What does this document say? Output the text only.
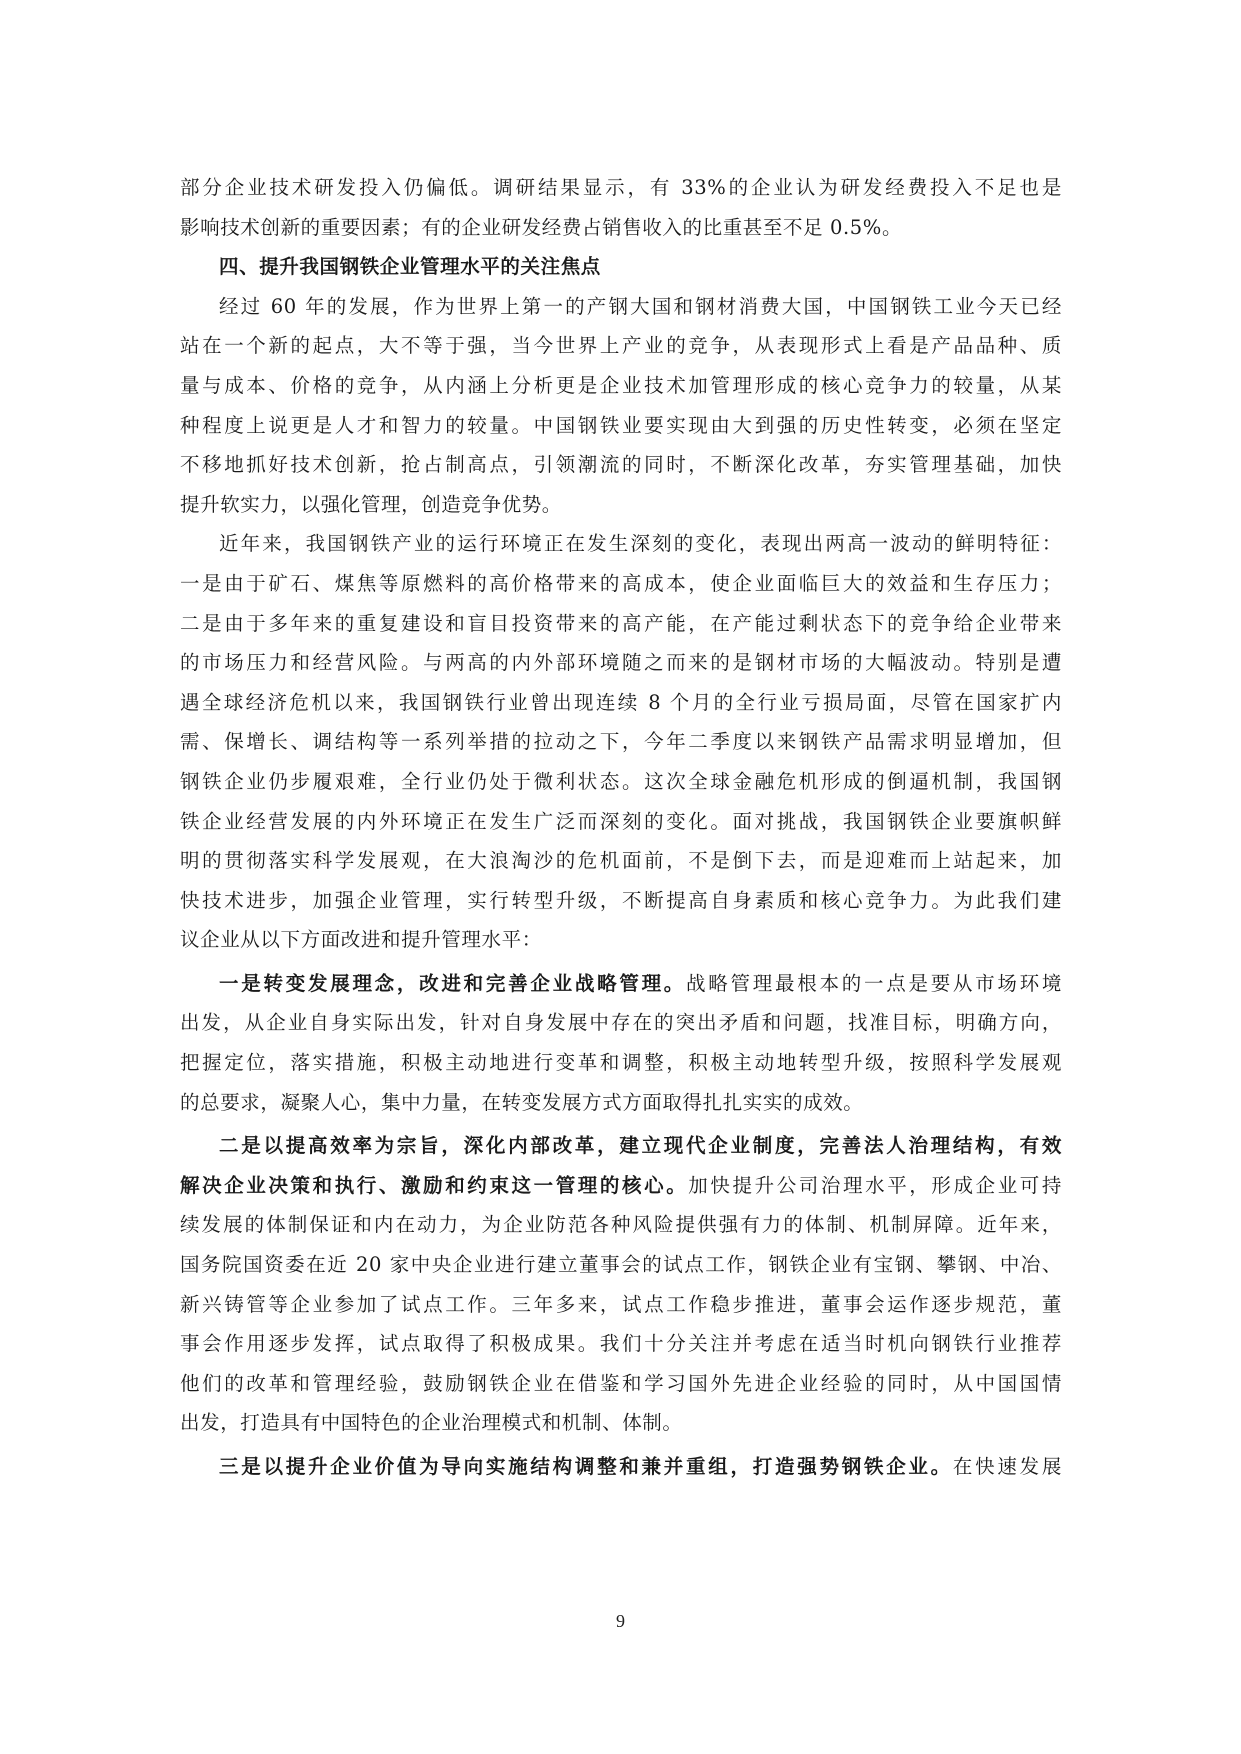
部分企业技术研发投入仍偏低。调研结果显示，有 33%的企业认为研发经费投入不足也是
影响技术创新的重要因素；有的企业研发经费占销售收入的比重甚至不足 0.5%。
四、提升我国钢铁企业管理水平的关注焦点
经过 60 年的发展，作为世界上第一的产钢大国和钢材消费大国，中国钢铁工业今天已经
站在一个新的起点，大不等于强，当今世界上产业的竞争，从表现形式上看是产品品种、质
量与成本、价格的竞争，从内涵上分析更是企业技术加管理形成的核心竞争力的较量，从某
种程度上说更是人才和智力的较量。中国钢铁业要实现由大到强的历史性转变，必须在坚定
不移地抓好技术创新，抢占制高点，引领潮流的同时，不断深化改革，夯实管理基础，加快
提升软实力，以强化管理，创造竞争优势。
近年来，我国钢铁产业的运行环境正在发生深刻的变化，表现出两高一波动的鲜明特征：
一是由于矿石、煤焦等原燃料的高价格带来的高成本，使企业面临巨大的效益和生存压力；
二是由于多年来的重复建设和盲目投资带来的高产能，在产能过剩状态下的竞争给企业带来
的市场压力和经营风险。与两高的内外部环境随之而来的是钢材市场的大幅波动。特别是遭
遇全球经济危机以来，我国钢铁行业曾出现连续 8 个月的全行业亏损局面，尽管在国家扩内
需、保增长、调结构等一系列举措的拉动之下，今年二季度以来钢铁产品需求明显增加，但
钢铁企业仍步履艰难，全行业仍处于微利状态。这次全球金融危机形成的倒逼机制，我国钢
铁企业经营发展的内外环境正在发生广泛而深刻的变化。面对挑战，我国钢铁企业要旗帜鲜
明的贯彻落实科学发展观，在大浪淘沙的危机面前，不是倒下去，而是迎难而上站起来，加
快技术进步，加强企业管理，实行转型升级，不断提高自身素质和核心竞争力。为此我们建
议企业从以下方面改进和提升管理水平：
一是转变发展理念，改进和完善企业战略管理。战略管理最根本的一点是要从市场环境
出发，从企业自身实际出发，针对自身发展中存在的突出矛盾和问题，找准目标，明确方向，
把握定位，落实措施，积极主动地进行变革和调整，积极主动地转型升级，按照科学发展观
的总要求，凝聚人心，集中力量，在转变发展方式方面取得扎扎实实的成效。
二是以提高效率为宗旨，深化内部改革，建立现代企业制度，完善法人治理结构，有效
解决企业决策和执行、激励和约束这一管理的核心。加快提升公司治理水平，形成企业可持
续发展的体制保证和内在动力，为企业防范各种风险提供强有力的体制、机制屏障。近年来，
国务院国资委在近 20 家中央企业进行建立董事会的试点工作，钢铁企业有宝钢、攀钢、中冶、
新兴铸管等企业参加了试点工作。三年多来，试点工作稳步推进，董事会运作逐步规范，董
事会作用逐步发挥，试点取得了积极成果。我们十分关注并考虑在适当时机向钢铁行业推荐
他们的改革和管理经验，鼓励钢铁企业在借鉴和学习国外先进企业经验的同时，从中国国情
出发，打造具有中国特色的企业治理模式和机制、体制。
三是以提升企业价值为导向实施结构调整和兼并重组，打造强势钢铁企业。在快速发展
9
